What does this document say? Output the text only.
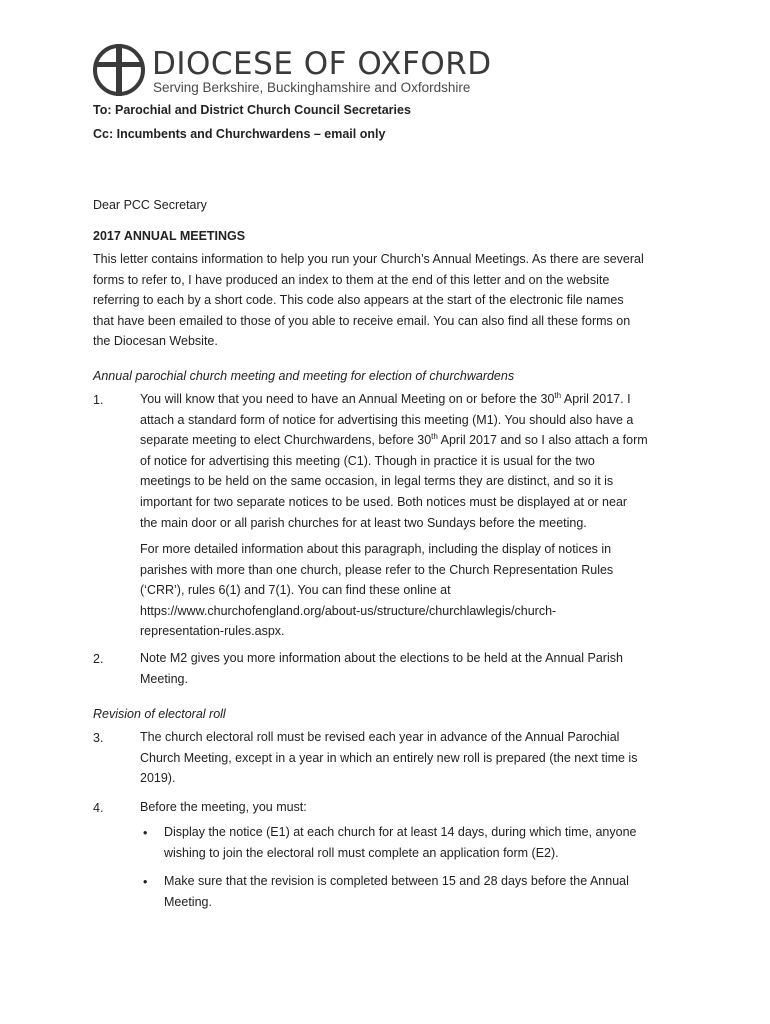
DIOCESE OF OXFORD
Serving Berkshire, Buckinghamshire and Oxfordshire
To: Parochial and District Church Council Secretaries
Cc: Incumbents and Churchwardens – email only
Dear PCC Secretary
2017 ANNUAL MEETINGS
This letter contains information to help you run your Church’s Annual Meetings. As there are several
forms to refer to, I have produced an index to them at the end of this letter and on the website
referring to each by a short code. This code also appears at the start of the electronic file names
that have been emailed to those of you able to receive email. You can also find all these forms on
the Diocesan Website.
Annual parochial church meeting and meeting for election of churchwardens
1.	You will know that you need to have an Annual Meeting on or before the 30th April 2017. I
attach a standard form of notice for advertising this meeting (M1). You should also have a
separate meeting to elect Churchwardens, before 30th April 2017 and so I also attach a form
of notice for advertising this meeting (C1). Though in practice it is usual for the two
meetings to be held on the same occasion, in legal terms they are distinct, and so it is
important for two separate notices to be used. Both notices must be displayed at or near
the main door or all parish churches for at least two Sundays before the meeting.
For more detailed information about this paragraph, including the display of notices in
parishes with more than one church, please refer to the Church Representation Rules
(‘CRR’), rules 6(1) and 7(1). You can find these online at
https://www.churchofengland.org/about-us/structure/churchlawlegis/church-
representation-rules.aspx.
2.	Note M2 gives you more information about the elections to be held at the Annual Parish
Meeting.
Revision of electoral roll
3.	The church electoral roll must be revised each year in advance of the Annual Parochial
Church Meeting, except in a year in which an entirely new roll is prepared (the next time is
2019).
4.	Before the meeting, you must:
• Display the notice (E1) at each church for at least 14 days, during which time, anyone
wishing to join the electoral roll must complete an application form (E2).
• Make sure that the revision is completed between 15 and 28 days before the Annual
Meeting.
